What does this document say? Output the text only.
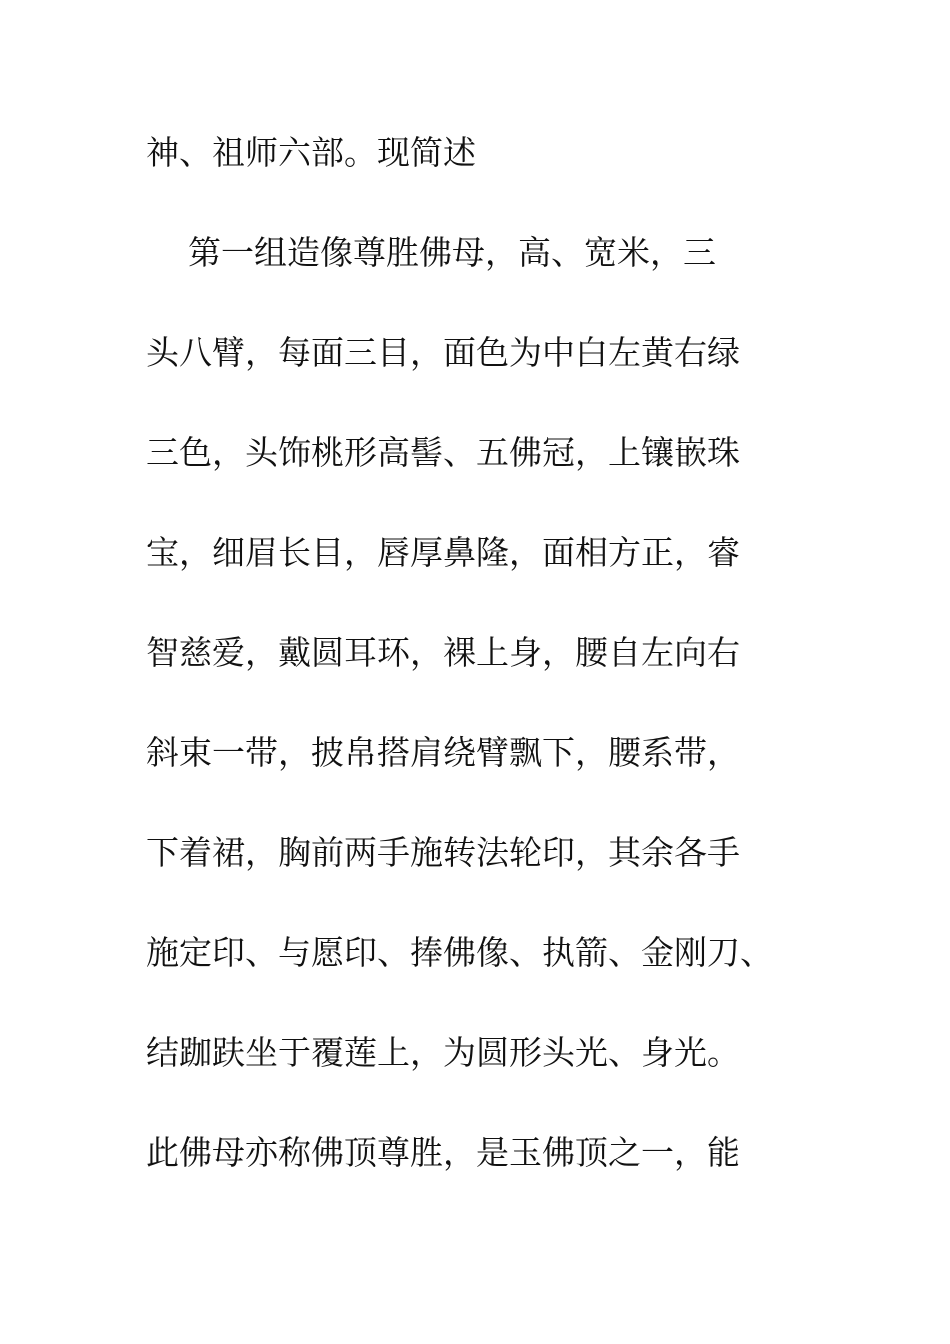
神、祖师六部。现简述
第一组造像尊胜佛母，高、宽米，三
头八臂，每面三目，面色为中白左黄右绿
三色，头饰桃形高髻、五佛冠，上镶嵌珠
宝，细眉长目，唇厚鼻隆，面相方正，睿
智慈爱，戴圆耳环，裸上身，腰自左向右
斜束一带，披帛搭肩绕臂飘下，腰系带，
下着裙，胸前两手施转法轮印，其余各手
施定印、与愿印、捧佛像、执箭、金刚刀、
结跏趺坐于覆莲上，为圆形头光、身光。
此佛母亦称佛顶尊胜，是玉佛顶之一，能
